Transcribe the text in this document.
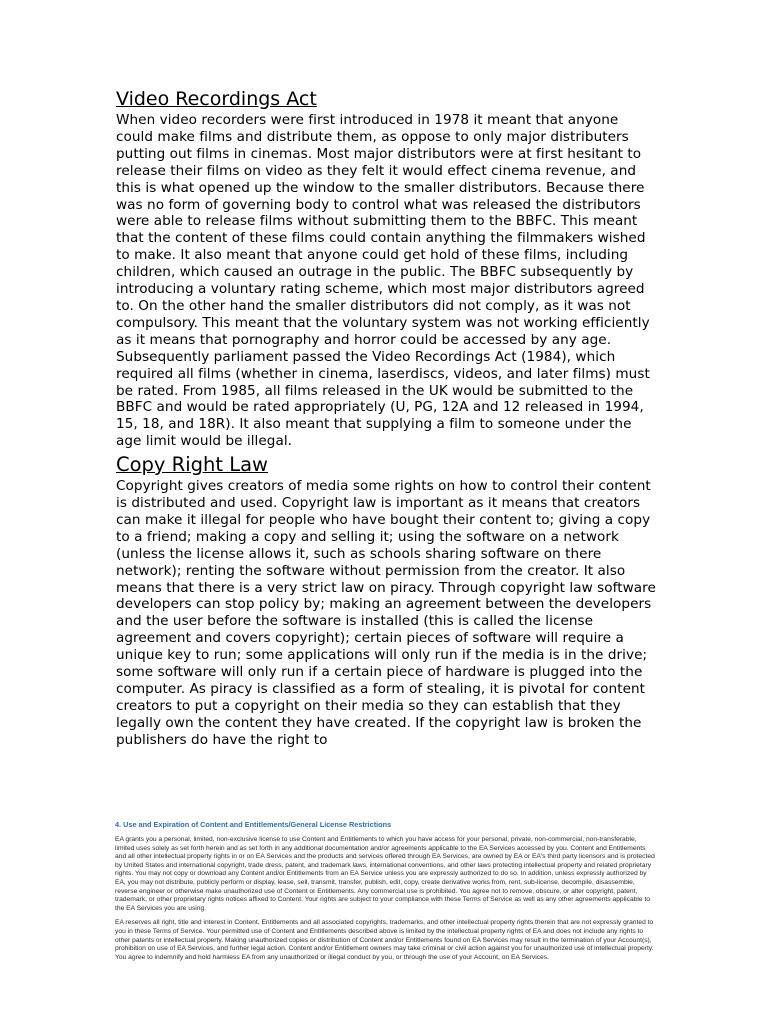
Video Recordings Act

When video recorders were first introduced in 1978 it meant that anyone could make films and distribute them, as oppose to only major distributers putting out films in cinemas. Most major distributors were at first hesitant to release their films on video as they felt it would effect cinema revenue, and this is what opened up the window to the smaller distributors. Because there was no form of governing body to control what was released the distributors were able to release films without submitting them to the BBFC. This meant that the content of these films could contain anything the filmmakers wished to make. It also meant that anyone could get hold of these films, including children, which caused an outrage in the public. The BBFC subsequently by introducing a voluntary rating scheme, which most major distributors agreed to. On the other hand the smaller distributors did not comply, as it was not compulsory. This meant that the voluntary system was not working efficiently as it means that pornography and horror could be accessed by any age. Subsequently parliament passed the Video Recordings Act (1984), which required all films (whether in cinema, laserdiscs, videos, and later films) must be rated. From 1985, all films released in the UK would be submitted to the BBFC and would be rated appropriately (U, PG, 12A and 12 released in 1994, 15, 18, and 18R). It also meant that supplying a film to someone under the age limit would be illegal.

Copy Right Law

Copyright gives creators of media some rights on how to control their content is distributed and used. Copyright law is important as it means that creators can make it illegal for people who have bought their content to; giving a copy to a friend; making a copy and selling it; using the software on a network (unless the license allows it, such as schools sharing software on there network); renting the software without permission from the creator. It also means that there is a very strict law on piracy. Through copyright law software developers can stop policy by; making an agreement between the developers and the user before the software is installed (this is called the license agreement and covers copyright); certain pieces of software will require a unique key to run; some applications will only run if the media is in the drive; some software will only run if a certain piece of hardware is plugged into the computer. As piracy is classified as a form of stealing, it is pivotal for content creators to put a copyright on their media so they can establish that they legally own the content they have created. If the copyright law is broken the publishers do have the right to

4. Use and Expiration of Content and Entitlements/General License Restrictions

EA grants you a personal, limited, non-exclusive license to use Content and Entitlements to which you have access for your personal, private, non-commercial, non-transferable, limited uses solely as set forth herein and as set forth in any additional documentation and/or agreements applicable to the EA Services accessed by you. Content and Entitlements and all other intellectual property rights in or on EA Services and the products and services offered through EA Services, are owned by EA or EA's third party licensors and is protected by United States and international copyright, trade dress, patent, and trademark laws, international conventions, and other laws protecting intellectual property and related proprietary rights. You may not copy or download any Content and/or Entitlements from an EA Service unless you are expressly authorized to do so. In addition, unless expressly authorized by EA, you may not distribute, publicly perform or display, lease, sell, transmit, transfer, publish, edit, copy, create derivative works from, rent, sub-license, decompile, disassemble, reverse engineer or otherwise make unauthorized use of Content or Entitlements. Any commercial use is prohibited. You agree not to remove, obscure, or alter copyright, patent, trademark, or other proprietary rights notices affixed to Content. Your rights are subject to your compliance with these Terms of Service as well as any other agreements applicable to the EA Services you are using.

EA reserves all right, title and interest in Content, Entitlements and all associated copyrights, trademarks, and other intellectual property rights therein that are not expressly granted to you in these Terms of Service. Your permitted use of Content and Entitlements described above is limited by the intellectual property rights of EA and does not include any rights to other patents or intellectual property. Making unauthorized copies or distribution of Content and/or Entitlements found on EA Services may result in the termination of your Account(s), prohibition on use of EA Services, and further legal action. Content and/or Entitlement owners may take criminal or civil action against you for unauthorized use of intellectual property. You agree to indemnify and hold harmless EA from any unauthorized or illegal conduct by you, or through the use of your Account, on EA Services.
